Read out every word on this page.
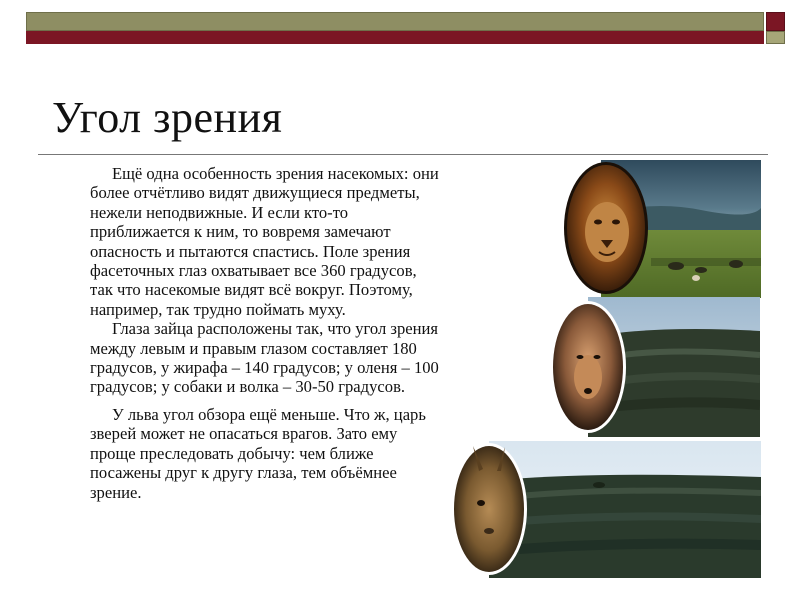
Угол зрения

Ещё одна особенность зрения насекомых: они более отчётливо видят движущиеся предметы, нежели неподвижные. И если кто-то приближается к ним, то вовремя замечают опасность и пытаются спастись. Поле зрения фасеточных глаз охватывает все 360 градусов, так что насекомые видят всё вокруг. Поэтому, например, так трудно поймать муху.

Глаза зайца расположены так, что угол зрения между левым и правым глазом составляет 180 градусов, у жирафа – 140 градусов; у оленя – 100 градусов; у собаки и волка – 30-50 градусов.

У льва угол обзора ещё меньше. Что ж, царь зверей может не опасаться врагов. Зато ему проще преследовать добычу: чем ближе посажены друг к другу глаза, тем объёмнее зрение.
